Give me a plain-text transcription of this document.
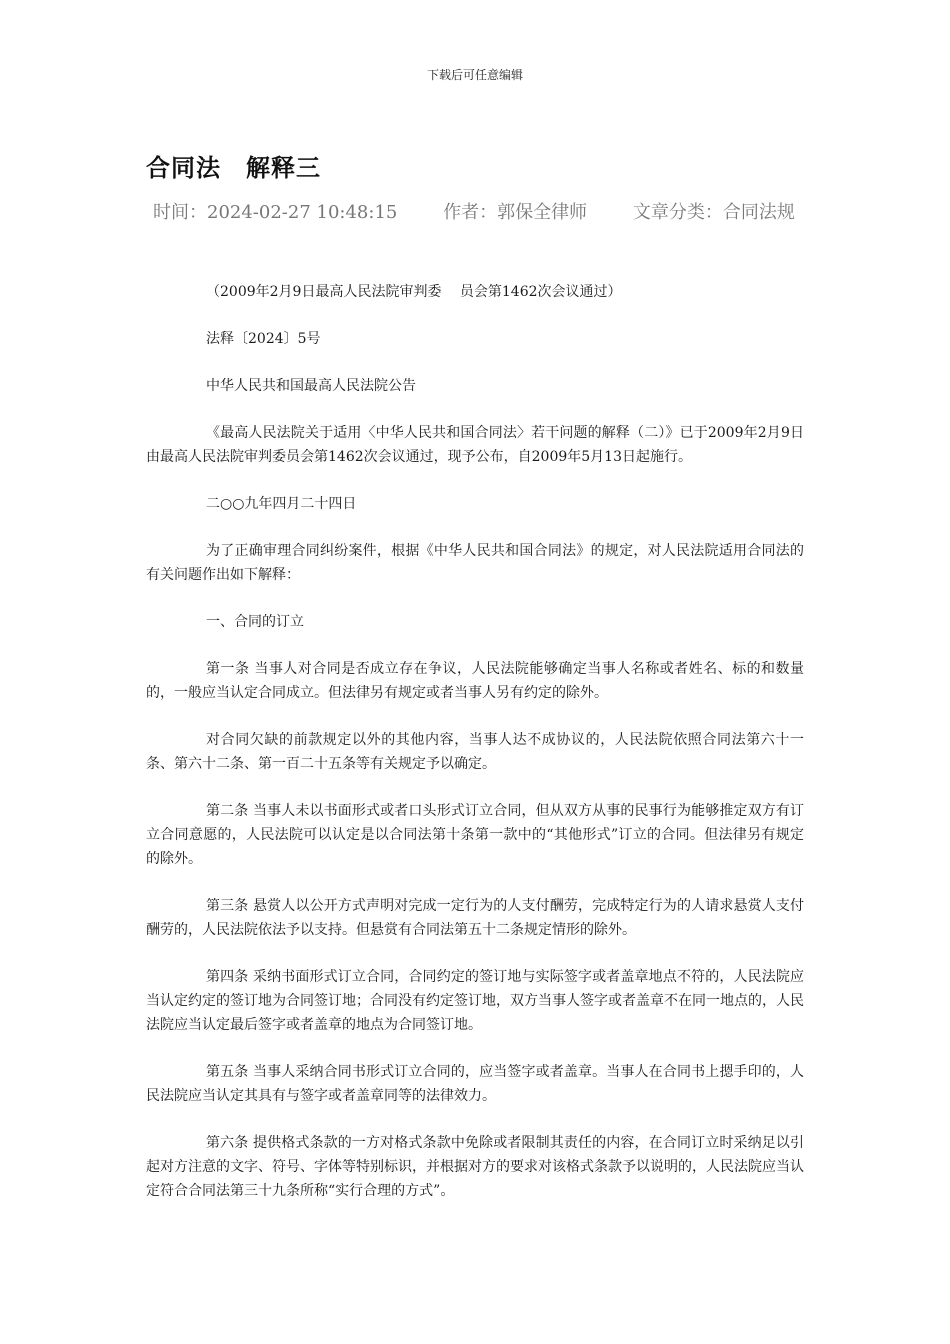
下载后可任意编辑
合同法　解释三
时间：2024-02-27 10:48:15	作者：郭保全律师	文章分类：合同法规

（2009年2月9日最高人民法院审判委　 员会第1462次会议通过）

法释〔2024〕5号

中华人民共和国最高人民法院公告

《最高人民法院关于适用〈中华人民共和国合同法〉若干问题的解释（二）》已于2009年2月9日由最高人民法院审判委员会第1462次会议通过，现予公布，自2009年5月13日起施行。

二○○九年四月二十四日

为了正确审理合同纠纷案件，根据《中华人民共和国合同法》的规定，对人民法院适用合同法的有关问题作出如下解释：

一、合同的订立

第一条 当事人对合同是否成立存在争议，人民法院能够确定当事人名称或者姓名、标的和数量的，一般应当认定合同成立。但法律另有规定或者当事人另有约定的除外。

对合同欠缺的前款规定以外的其他内容，当事人达不成协议的，人民法院依照合同法第六十一条、第六十二条、第一百二十五条等有关规定予以确定。

第二条 当事人未以书面形式或者口头形式订立合同，但从双方从事的民事行为能够推定双方有订立合同意愿的，人民法院可以认定是以合同法第十条第一款中的“其他形式”订立的合同。但法律另有规定的除外。

第三条 悬赏人以公开方式声明对完成一定行为的人支付酬劳，完成特定行为的人请求悬赏人支付酬劳的，人民法院依法予以支持。但悬赏有合同法第五十二条规定情形的除外。

第四条 采纳书面形式订立合同，合同约定的签订地与实际签字或者盖章地点不符的，人民法院应当认定约定的签订地为合同签订地；合同没有约定签订地，双方当事人签字或者盖章不在同一地点的，人民法院应当认定最后签字或者盖章的地点为合同签订地。

第五条 当事人采纳合同书形式订立合同的，应当签字或者盖章。当事人在合同书上摁手印的，人民法院应当认定其具有与签字或者盖章同等的法律效力。

第六条 提供格式条款的一方对格式条款中免除或者限制其责任的内容，在合同订立时采纳足以引起对方注意的文字、符号、字体等特别标识，并根据对方的要求对该格式条款予以说明的，人民法院应当认定符合合同法第三十九条所称“实行合理的方式”。
